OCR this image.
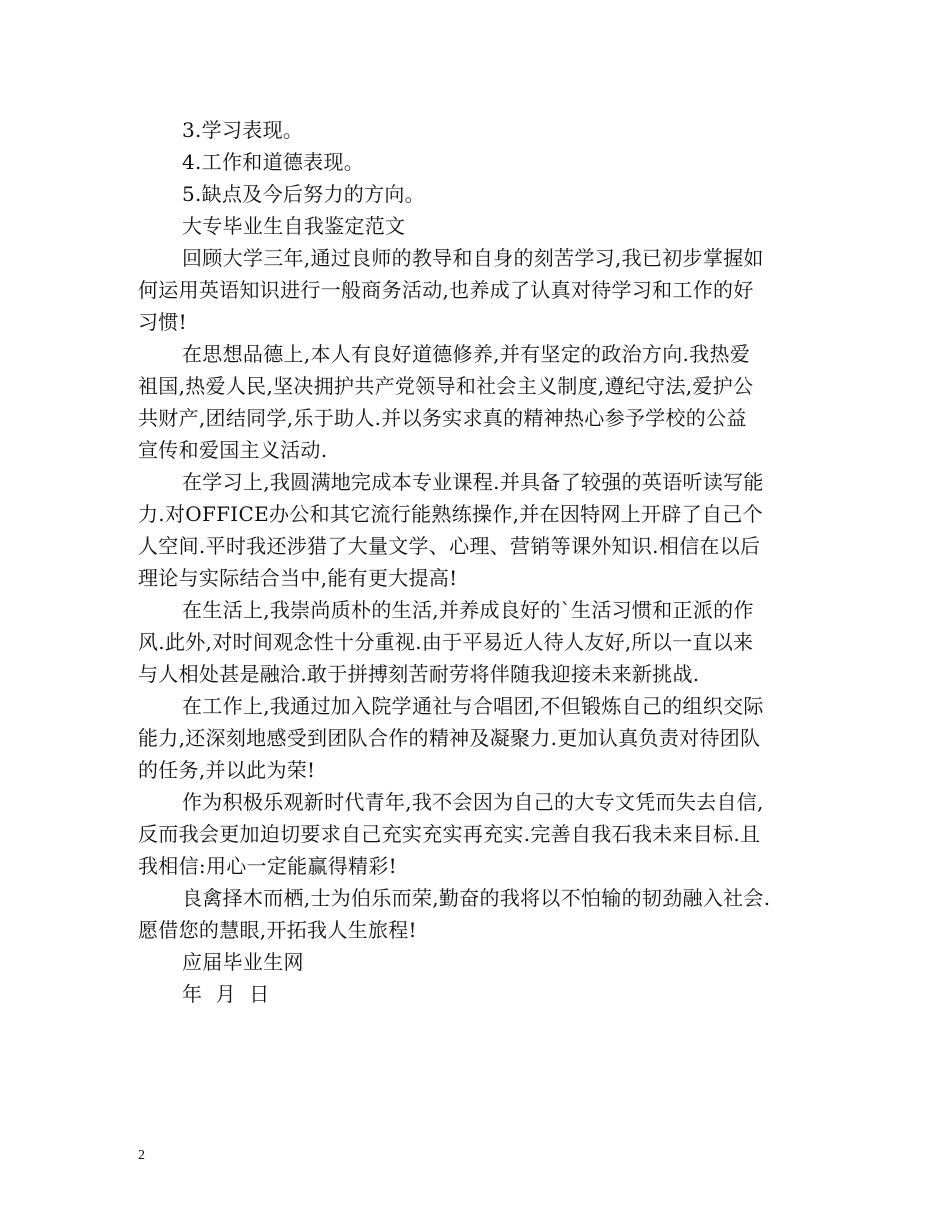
3.学习表现。
4.工作和道德表现。
5.缺点及今后努力的方向。
大专毕业生自我鉴定范文
回顾大学三年,通过良师的教导和自身的刻苦学习,我已初步掌握如
何运用英语知识进行一般商务活动,也养成了认真对待学习和工作的好
习惯!
在思想品德上,本人有良好道德修养,并有坚定的政治方向.我热爱
祖国,热爱人民,坚决拥护共产党领导和社会主义制度,遵纪守法,爱护公
共财产,团结同学,乐于助人.并以务实求真的精神热心参予学校的公益
宣传和爱国主义活动.
在学习上,我圆满地完成本专业课程.并具备了较强的英语听读写能
力.对OFFICE办公和其它流行能熟练操作,并在因特网上开辟了自己个
人空间.平时我还涉猎了大量文学、心理、营销等课外知识.相信在以后
理论与实际结合当中,能有更大提高!
在生活上,我崇尚质朴的生活,并养成良好的`生活习惯和正派的作
风.此外,对时间观念性十分重视.由于平易近人待人友好,所以一直以来
与人相处甚是融洽.敢于拼搏刻苦耐劳将伴随我迎接未来新挑战.
在工作上,我通过加入院学通社与合唱团,不但锻炼自己的组织交际
能力,还深刻地感受到团队合作的精神及凝聚力.更加认真负责对待团队
的任务,并以此为荣!
作为积极乐观新时代青年,我不会因为自己的大专文凭而失去自信,
反而我会更加迫切要求自己充实充实再充实.完善自我石我未来目标.且
我相信:用心一定能赢得精彩!
良禽择木而栖,士为伯乐而荣,勤奋的我将以不怕输的韧劲融入社会.
愿借您的慧眼,开拓我人生旅程!
应届毕业生网
年  月  日
2
